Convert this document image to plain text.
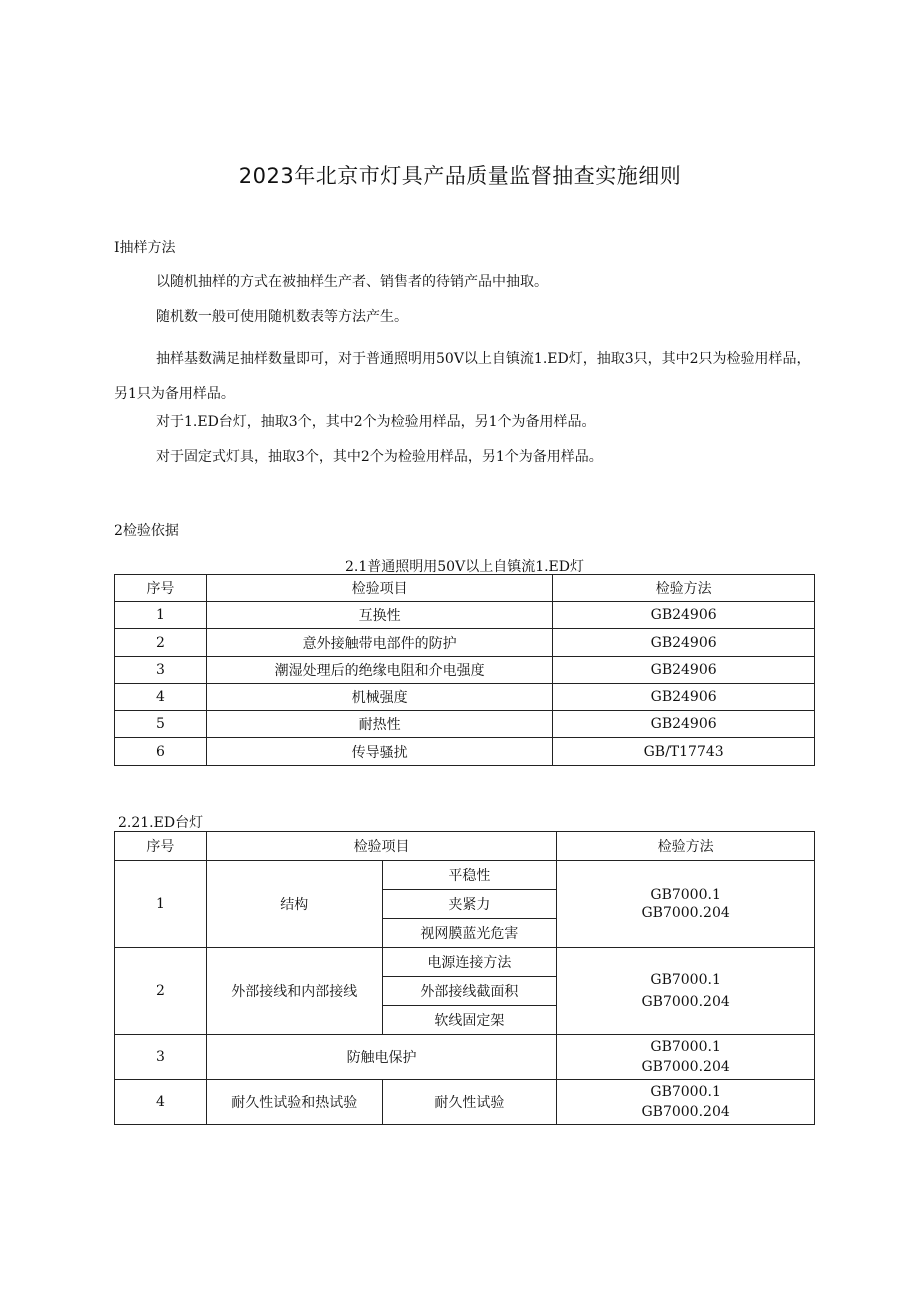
2023年北京市灯具产品质量监督抽查实施细则
I抽样方法
以随机抽样的方式在被抽样生产者、销售者的待销产品中抽取。
随机数一般可使用随机数表等方法产生。
抽样基数满足抽样数量即可，对于普通照明用50V以上自镇流1.ED灯，抽取3只，其中2只为检验用样品，另1只为备用样品。
对于1.ED台灯，抽取3个，其中2个为检验用样品，另1个为备用样品。
对于固定式灯具，抽取3个，其中2个为检验用样品，另1个为备用样品。
2检验依据
2.1普通照明用50V以上自镇流1.ED灯
序号	检验项目	检验方法
1	互换性	GB24906
2	意外接触带电部件的防护	GB24906
3	潮湿处理后的绝缘电阻和介电强度	GB24906
4	机械强度	GB24906
5	耐热性	GB24906
6	传导骚扰	GB/T17743
2.21.ED台灯
序号	检验项目		检验方法
1	结构	平稳性	GB7000.1
GB7000.204

		夹紧力	
		视网膜蓝光危害	
2	外部接线和内部接线	电源连接方法	GB7000.1
GB7000.204

		外部接线截面积	
		软线固定架	
3	防触电保护		GB7000.1
GB7000.204

4	耐久性试验和热试验	耐久性试验	GB7000.1
GB7000.204
